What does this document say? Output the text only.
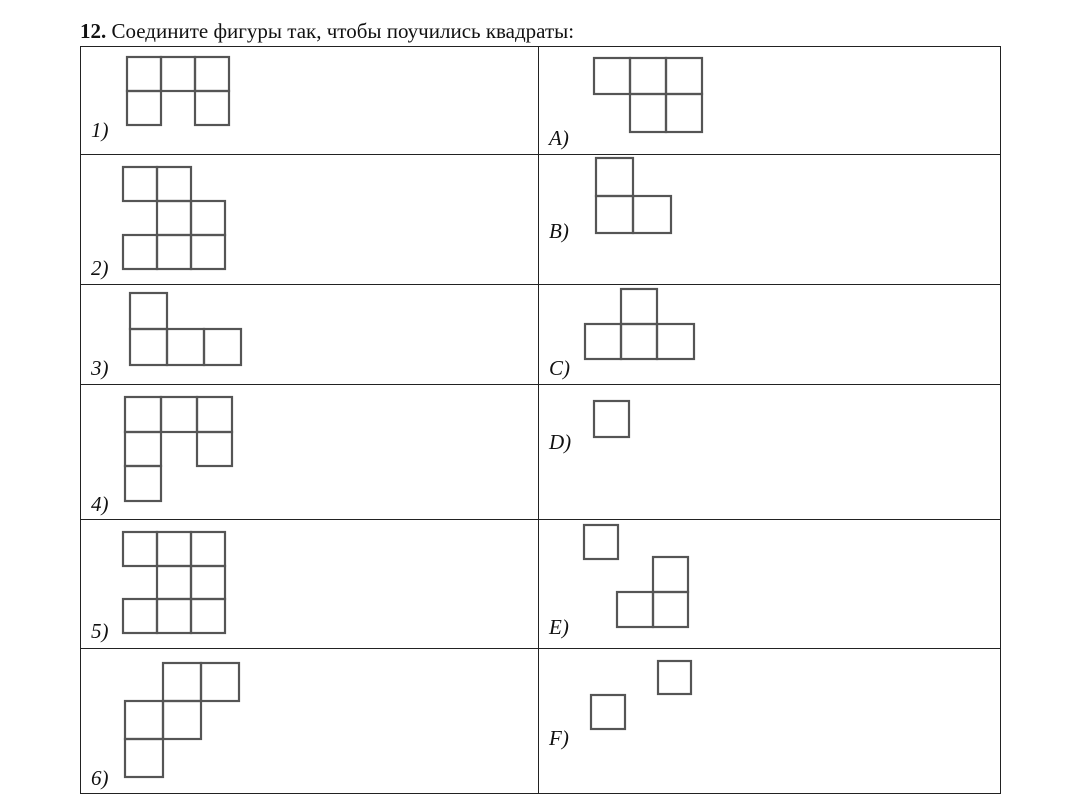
12. Соедините фигуры так, чтобы поучились квадраты:
1)	A)

2)	B)

3)	C)

4)	D)

5)	E)

6)	F)
